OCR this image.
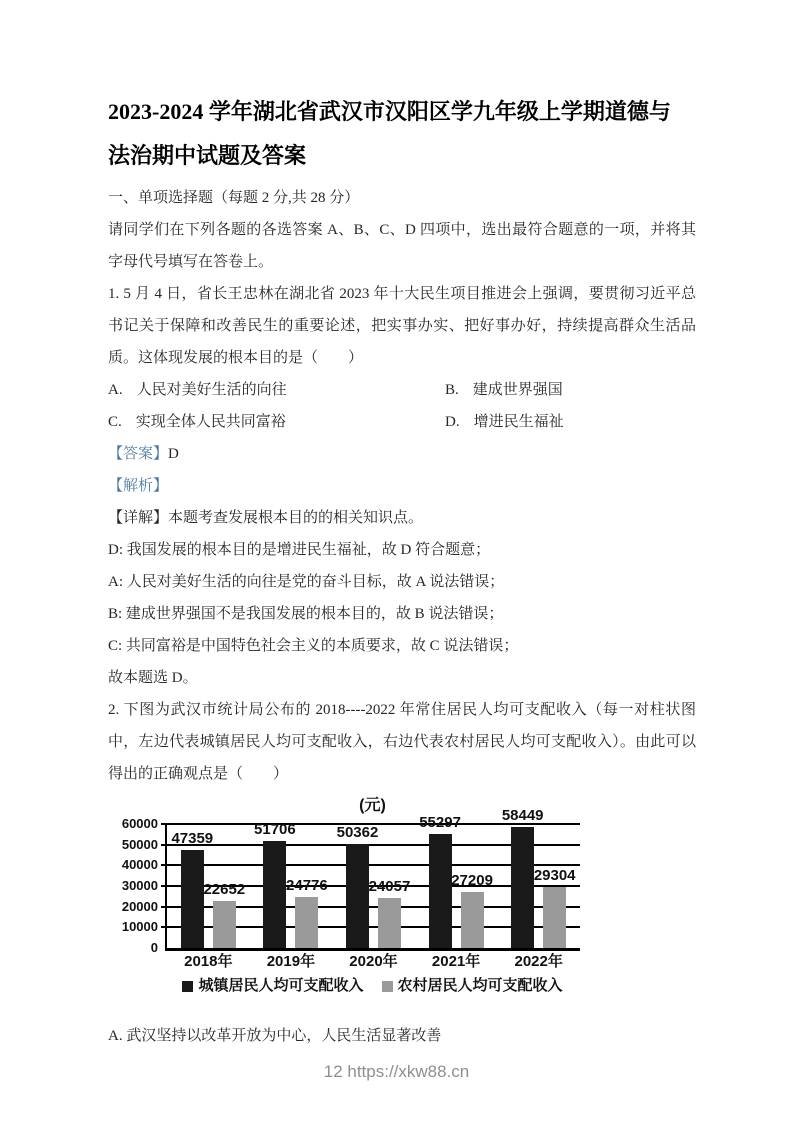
2023-2024 学年湖北省武汉市汉阳区学九年级上学期道德与
法治期中试题及答案
一、单项选择题（每题 2 分,共 28 分）
请同学们在下列各题的各选答案 A、B、C、D 四项中，选出最符合题意的一项，并将其字母代号填写在答卷上。
1. 5 月 4 日，省长王忠林在湖北省 2023 年十大民生项目推进会上强调，要贯彻习近平总书记关于保障和改善民生的重要论述，把实事办实、把好事办好，持续提高群众生活品质。这体现发展的根本目的是（　　）
A. 人民对美好生活的向往	B. 建成世界强国
C. 实现全体人民共同富裕	D. 增进民生福祉
【答案】D
【解析】
【详解】本题考查发展根本目的的相关知识点。
D: 我国发展的根本目的是增进民生福祉，故 D 符合题意；
A: 人民对美好生活的向往是党的奋斗目标，故 A 说法错误；
B: 建成世界强国不是我国发展的根本目的，故 B 说法错误；
C: 共同富裕是中国特色社会主义的本质要求，故 C 说法错误；
故本题选 D。
2. 下图为武汉市统计局公布的 2018----2022 年常住居民人均可支配收入（每一对柱状图中，左边代表城镇居民人均可支配收入，右边代表农村居民人均可支配收入）。由此可以得出的正确观点是（　　）
(元)
0
10000
20000
30000
40000
50000
60000
47359
22652
51706
24776
50362
24057
55297
27209
58449
29304
2018年	2019年	2020年	2021年	2022年
城镇居民人均可支配收入 农村居民人均可支配收入
A. 武汉坚持以改革开放为中心，人民生活显著改善
12 https://xkw88.cn
